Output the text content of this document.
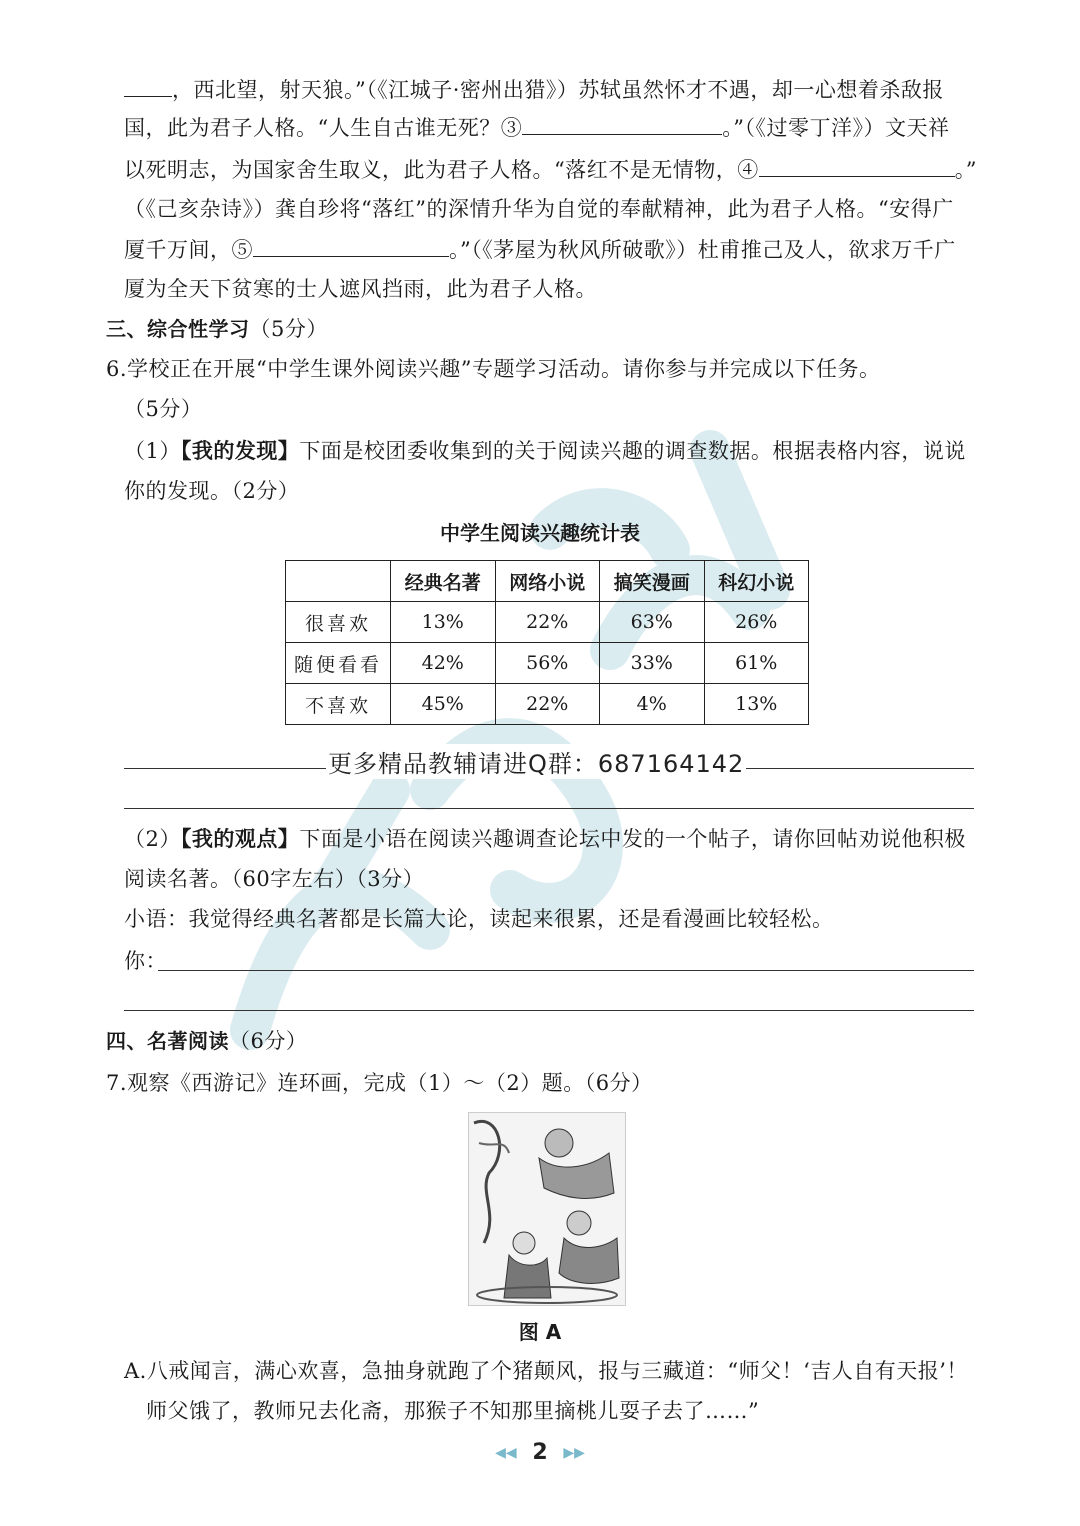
，西北望，射天狼。”（《江城子·密州出猎》）苏轼虽然怀才不遇，却一心想着杀敌报
国，此为君子人格。“人生自古谁无死？③	。”（《过零丁洋》）文天祥
以死明志，为国家舍生取义，此为君子人格。“落红不是无情物，④	。”
（《己亥杂诗》）龚自珍将“落红”的深情升华为自觉的奉献精神，此为君子人格。“安得广
厦千万间，⑤	。”（《茅屋为秋风所破歌》）杜甫推己及人，欲求万千广
厦为全天下贫寒的士人遮风挡雨，此为君子人格。
三、综合性学习（5分）
6.学校正在开展“中学生课外阅读兴趣”专题学习活动。请你参与并完成以下任务。
（5分）
（1）【我的发现】下面是校团委收集到的关于阅读兴趣的调查数据。根据表格内容，说说
你的发现。（2分）
中学生阅读兴趣统计表
	经典名著	网络小说	搞笑漫画	科幻小说
很喜欢	13%	22%	63%	26%
随便看看	42%	56%	33%	61%
不喜欢	45%	22%	4%	13%
更多精品教辅请进Q群：687164142
（2）【我的观点】下面是小语在阅读兴趣调查论坛中发的一个帖子，请你回帖劝说他积极
阅读名著。（60字左右）（3分）
小语：我觉得经典名著都是长篇大论，读起来很累，还是看漫画比较轻松。
你：
四、名著阅读（6分）
7.观察《西游记》连环画，完成（1）～（2）题。（6分）
图 A
A.八戒闻言，满心欢喜，急抽身就跑了个猪颠风，报与三藏道：“师父！‘吉人自有天报’！
师父饿了，教师兄去化斋，那猴子不知那里摘桃儿耍子去了……”
◀◀ 2 ▶▶
